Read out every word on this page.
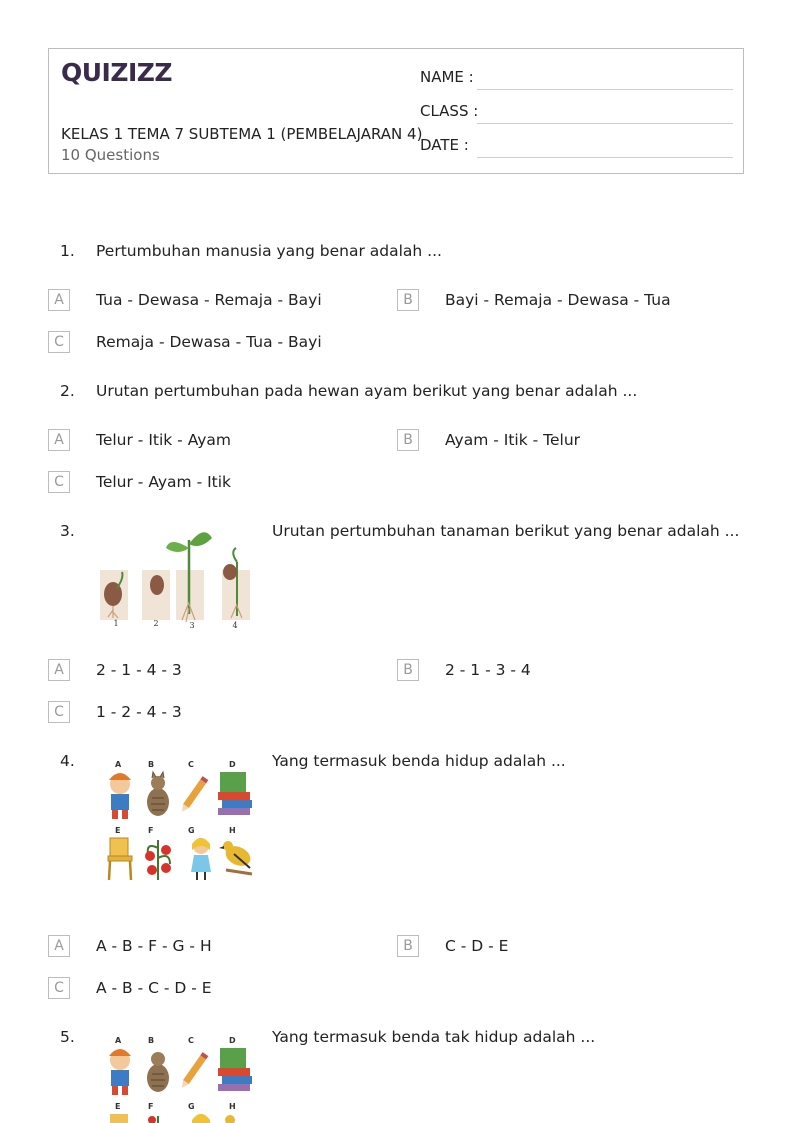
QUIZIZZ
KELAS 1 TEMA 7 SUBTEMA 1 (PEMBELAJARAN 4)
10 Questions
NAME :
CLASS :
DATE :
1. Pertumbuhan manusia yang benar adalah ...
A	Tua - Dewasa - Remaja - Bayi	B	Bayi - Remaja - Dewasa - Tua
C	Remaja - Dewasa - Tua - Bayi
2. Urutan pertumbuhan pada hewan ayam berikut yang benar adalah ...
A	Telur - Itik - Ayam	B	Ayam - Itik - Telur
C	Telur - Ayam - Itik
3.
1	2	3	4
Urutan pertumbuhan tanaman berikut yang benar adalah ...
A	2 - 1 - 4 - 3	B	2 - 1 - 3 - 4
C	1 - 2 - 4 - 3
4.	A	B	C	D
E	F	G	H
Yang termasuk benda hidup adalah ...
A	A - B - F - G - H	B	C - D - E
C	A - B - C - D - E
5.	A	B	C	D
E	F	G	H
Yang termasuk benda tak hidup adalah ...
